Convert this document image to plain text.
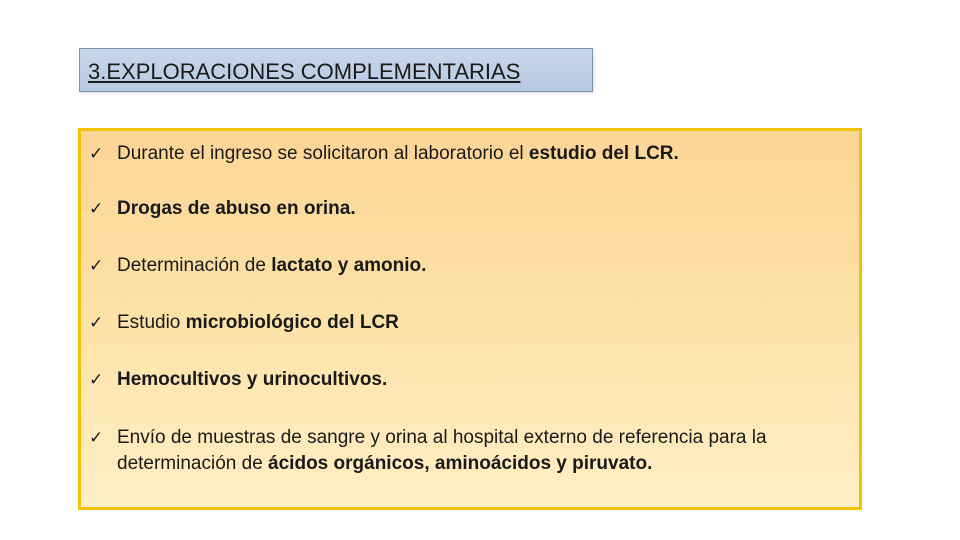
3.EXPLORACIONES COMPLEMENTARIAS
✓ Durante el ingreso se solicitaron al laboratorio el estudio del LCR.
✓ Drogas de abuso en orina.
✓ Determinación de lactato y amonio.
✓ Estudio microbiológico del LCR
✓ Hemocultivos y urinocultivos.
✓ Envío de muestras de sangre y orina al hospital externo de referencia para la determinación de ácidos orgánicos, aminoácidos y piruvato.
